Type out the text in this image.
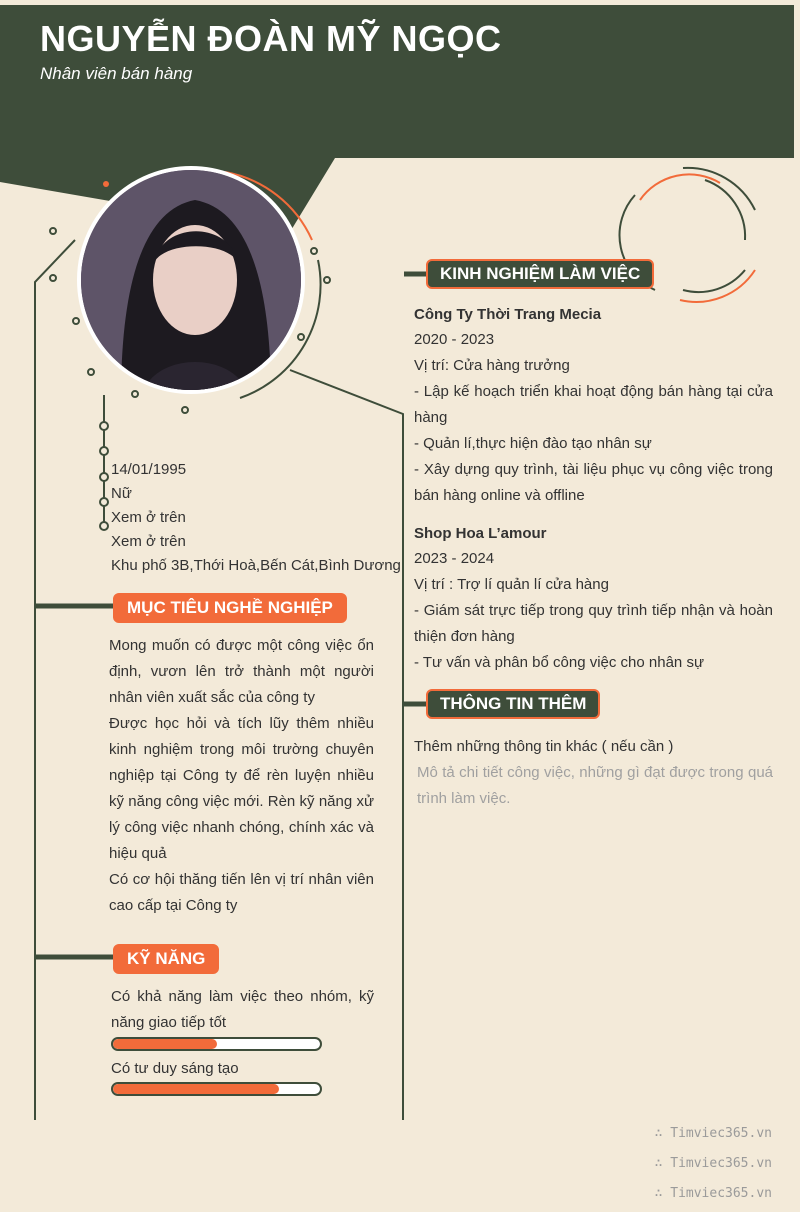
NGUYỄN ĐOÀN MỸ NGỌC
Nhân viên bán hàng
14/01/1995
Nữ
Xem ở trên
Xem ở trên
Khu phố 3B,Thới Hoà,Bến Cát,Bình Dương
MỤC TIÊU NGHỀ NGHIỆP
Mong muốn có được một công việc ổn định, vươn lên trở thành một người nhân viên xuất sắc của công ty
Được học hỏi và tích lũy thêm nhiều kinh nghiệm trong môi trường chuyên nghiệp tại Công ty để rèn luyện nhiều kỹ năng công việc mới. Rèn kỹ năng xử lý công việc nhanh chóng, chính xác và hiệu quả
Có cơ hội thăng tiến lên vị trí nhân viên cao cấp tại Công ty
KỸ NĂNG
Có khả năng làm việc theo nhóm, kỹ năng giao tiếp tốt
Có tư duy sáng tạo
KINH NGHIỆM LÀM VIỆC
Công Ty Thời Trang Mecia
2020 - 2023
Vị trí: Cửa hàng trưởng
- Lập kế hoạch triển khai hoạt động bán hàng tại cửa hàng
- Quản lí,thực hiện đào tạo nhân sự
- Xây dựng quy trình, tài liệu phục vụ công việc trong bán hàng online và offline
Shop Hoa L’amour
2023 - 2024
Vị trí : Trợ lí quản lí cửa hàng
- Giám sát trực tiếp trong quy trình tiếp nhận và hoàn thiện đơn hàng
- Tư vấn và phân bổ công việc cho nhân sự
THÔNG TIN THÊM
Thêm những thông tin khác ( nếu cần )
Mô tả chi tiết công việc, những gì đạt được trong quá trình làm việc.
∴ Timviec365.vn
∴ Timviec365.vn
∴ Timviec365.vn
